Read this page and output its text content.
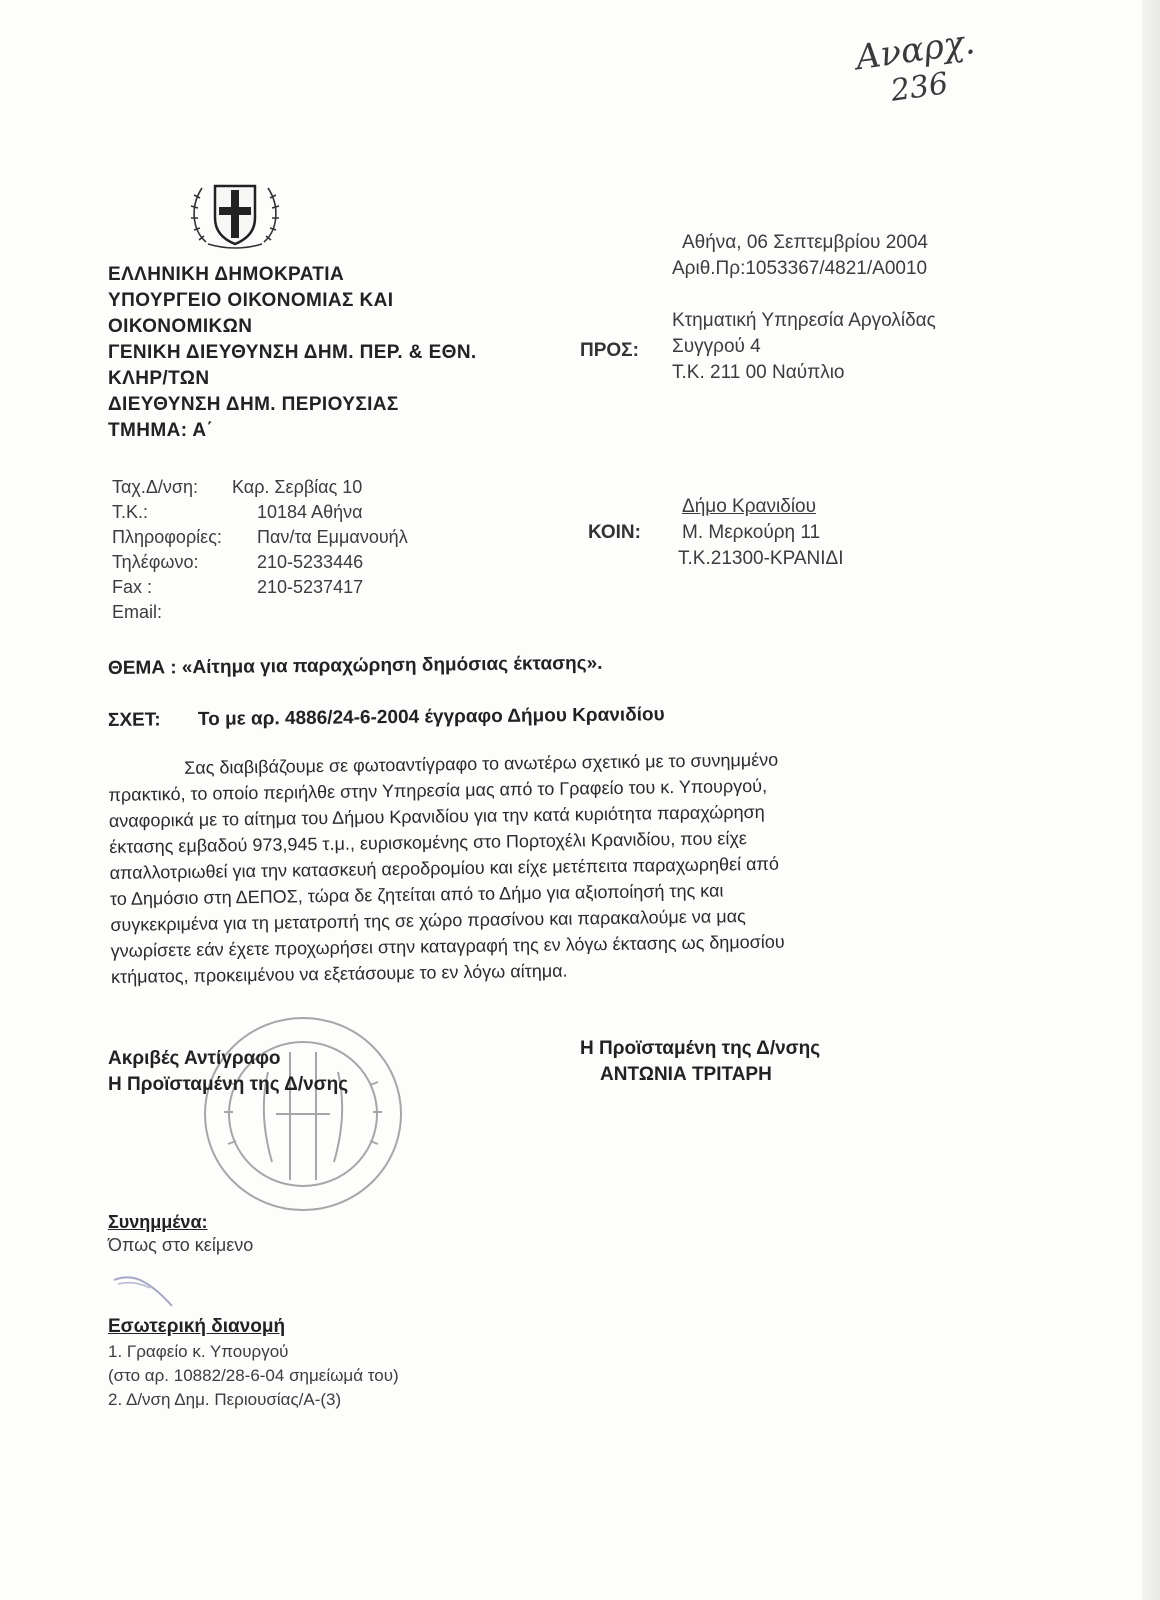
Αναρχ.
236
ΕΛΛΗΝΙΚΗ ΔΗΜΟΚΡΑΤΙΑ
ΥΠΟΥΡΓΕΙΟ ΟΙΚΟΝΟΜΙΑΣ ΚΑΙ
ΟΙΚΟΝΟΜΙΚΩΝ
ΓΕΝΙΚΗ ΔΙΕΥΘΥΝΣΗ ΔΗΜ. ΠΕΡ. & ΕΘΝ.
ΚΛΗΡ/ΤΩΝ
ΔΙΕΥΘΥΝΣΗ ΔΗΜ. ΠΕΡΙΟΥΣΙΑΣ
ΤΜΗΜΑ: Α΄
Αθήνα, 06 Σεπτεμβρίου 2004
Αριθ.Πρ:1053367/4821/Α0010
ΠΡΟΣ:
Κτηματική Υπηρεσία Αργολίδας
Συγγρού 4
Τ.Κ. 211 00 Ναύπλιο
Ταχ.Δ/νση: Καρ. Σερβίας 10
Τ.Κ.:	10184 Αθήνα
Πληροφορίες: Παν/τα Εμμανουήλ
Τηλέφωνο:	210-5233446
Fax :	210-5237417
Email:
ΚΟΙΝ:
Δήμο Κρανιδίου
Μ. Μερκούρη 11
Τ.Κ.21300-ΚΡΑΝΙΔΙ
ΘΕΜΑ : «Αίτημα για παραχώρηση δημόσιας έκτασης».
ΣΧΕΤ: Το με αρ. 4886/24-6-2004 έγγραφο Δήμου Κρανιδίου
Σας διαβιβάζουμε σε φωτοαντίγραφο το ανωτέρω σχετικό με το συνημμένο
πρακτικό, το οποίο περιήλθε στην Υπηρεσία μας από το Γραφείο του κ. Υπουργού,
αναφορικά με το αίτημα του Δήμου Κρανιδίου για την κατά κυριότητα παραχώρηση
έκτασης εμβαδού 973,945 τ.μ., ευρισκομένης στο Πορτοχέλι Κρανιδίου, που είχε
απαλλοτριωθεί για την κατασκευή αεροδρομίου και είχε μετέπειτα παραχωρηθεί από
το Δημόσιο στη ΔΕΠΟΣ, τώρα δε ζητείται από το Δήμο για αξιοποίησή της και
συγκεκριμένα για τη μετατροπή της σε χώρο πρασίνου και παρακαλούμε να μας
γνωρίσετε εάν έχετε προχωρήσει στην καταγραφή της εν λόγω έκτασης ως δημοσίου
κτήματος, προκειμένου να εξετάσουμε το εν λόγω αίτημα.
Ακριβές Αντίγραφο
Η Προϊσταμένη της Δ/νσης
Η Προϊσταμένη της Δ/νσης
ΑΝΤΩΝΙΑ ΤΡΙΤΑΡΗ
Συνημμένα:
Όπως στο κείμενο
Εσωτερική διανομή
1. Γραφείο κ. Υπουργού
(στο αρ. 10882/28-6-04 σημείωμά του)
2. Δ/νση Δημ. Περιουσίας/Α-(3)
